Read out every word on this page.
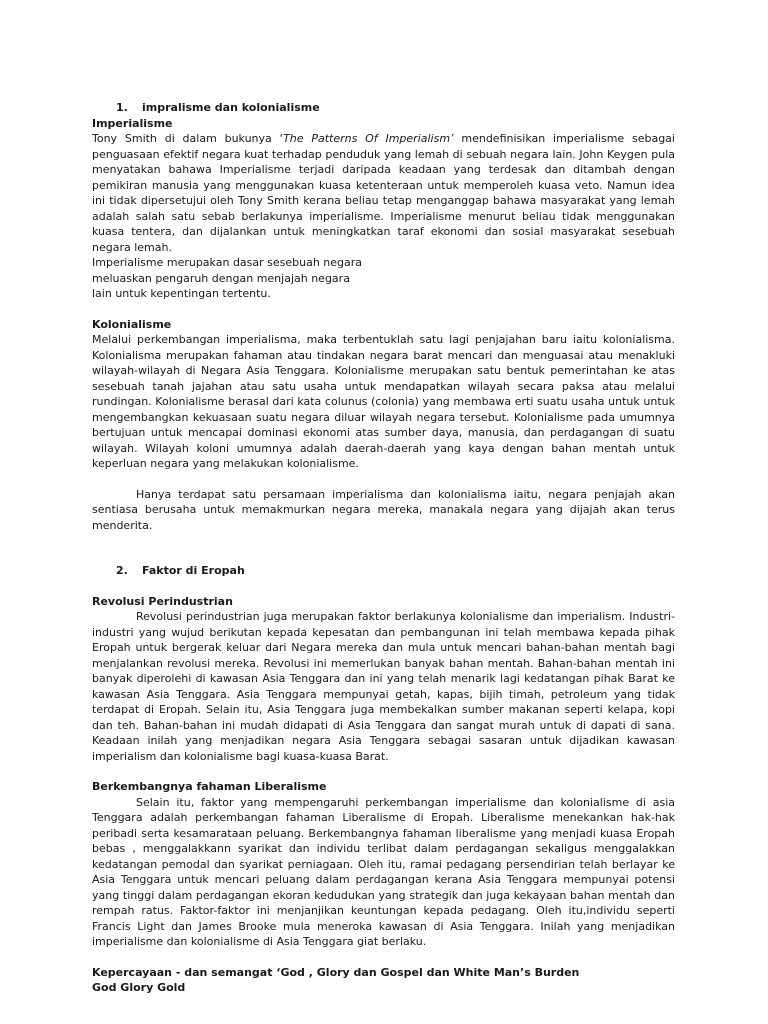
1. impralisme dan kolonialisme

Imperialisme

Tony Smith di dalam bukunya ‘The Patterns Of Imperialism’ mendefinisikan imperialisme sebagai penguasaan efektif negara kuat terhadap penduduk yang lemah di sebuah negara lain. John Keygen pula menyatakan bahawa Imperialisme terjadi daripada keadaan yang terdesak dan ditambah dengan pemikiran manusia yang menggunakan kuasa ketenteraan untuk memperoleh kuasa veto. Namun idea ini tidak dipersetujui oleh Tony Smith kerana beliau tetap menganggap bahawa masyarakat yang lemah adalah salah satu sebab berlakunya imperialisme. Imperialisme menurut beliau tidak menggunakan kuasa tentera, dan dijalankan untuk meningkatkan taraf ekonomi dan sosial masyarakat sesebuah negara lemah.

Imperialisme merupakan dasar sesebuah negara

meluaskan pengaruh dengan menjajah negara

lain untuk kepentingan tertentu.

Kolonialisme

Melalui perkembangan imperialisma, maka terbentuklah satu lagi penjajahan baru iaitu kolonialisma. Kolonialisma merupakan fahaman atau tindakan negara barat mencari dan menguasai atau menakluki wilayah-wilayah di Negara Asia Tenggara. Kolonialisme merupakan satu bentuk pemerintahan ke atas sesebuah tanah jajahan atau satu usaha untuk mendapatkan wilayah secara paksa atau melalui rundingan. Kolonialisme berasal dari kata colunus (colonia) yang membawa erti suatu usaha untuk untuk mengembangkan kekuasaan suatu negara diluar wilayah negara tersebut. Kolonialisme pada umumnya bertujuan untuk mencapai dominasi ekonomi atas sumber daya, manusia, dan perdagangan di suatu wilayah. Wilayah koloni umumnya adalah daerah-daerah yang kaya dengan bahan mentah untuk keperluan negara yang melakukan kolonialisme.

Hanya terdapat satu persamaan imperialisma dan kolonialisma iaitu, negara penjajah akan sentiasa berusaha untuk memakmurkan negara mereka, manakala negara yang dijajah akan terus menderita.

2. Faktor di Eropah

Revolusi Perindustrian

Revolusi perindustrian juga merupakan faktor berlakunya kolonialisme dan imperialism. Industri-industri yang wujud berikutan kepada kepesatan dan pembangunan ini telah membawa kepada pihak Eropah untuk bergerak keluar dari Negara mereka dan mula untuk mencari bahan-bahan mentah bagi menjalankan revolusi mereka. Revolusi ini memerlukan banyak bahan mentah. Bahan-bahan mentah ini banyak diperolehi di kawasan Asia Tenggara dan ini yang telah menarik lagi kedatangan pihak Barat ke kawasan Asia Tenggara. Asia Tenggara mempunyai getah, kapas, bijih timah, petroleum yang tidak terdapat di Eropah. Selain itu, Asia Tenggara juga membekalkan sumber makanan seperti kelapa, kopi dan teh. Bahan-bahan ini mudah didapati di Asia Tenggara dan sangat murah untuk di dapati di sana. Keadaan inilah yang menjadikan negara Asia Tenggara sebagai sasaran untuk dijadikan kawasan imperialism dan kolonialisme bagi kuasa-kuasa Barat.

Berkembangnya fahaman Liberalisme

Selain itu, faktor yang mempengaruhi perkembangan imperialisme dan kolonialisme di asia Tenggara adalah perkembangan fahaman Liberalisme di Eropah. Liberalisme menekankan hak-hak peribadi serta kesamarataan peluang. Berkembangnya fahaman liberalisme yang menjadi kuasa Eropah bebas , menggalakkann syarikat dan individu terlibat dalam perdagangan sekaligus menggalakkan kedatangan pemodal dan syarikat perniagaan. Oleh itu, ramai pedagang persendirian telah berlayar ke Asia Tenggara untuk mencari peluang dalam perdagangan kerana Asia Tenggara mempunyai potensi yang tinggi dalam perdagangan ekoran kedudukan yang strategik dan juga kekayaan bahan mentah dan rempah ratus. Faktor-faktor ini menjanjikan keuntungan kepada pedagang. Oleh itu,individu seperti Francis Light dan James Brooke mula meneroka kawasan di Asia Tenggara. Inilah yang menjadikan imperialisme dan kolonialisme di Asia Tenggara giat berlaku.

Kepercayaan - dan semangat ‘God , Glory dan Gospel dan White Man’s Burden

God Glory Gold
